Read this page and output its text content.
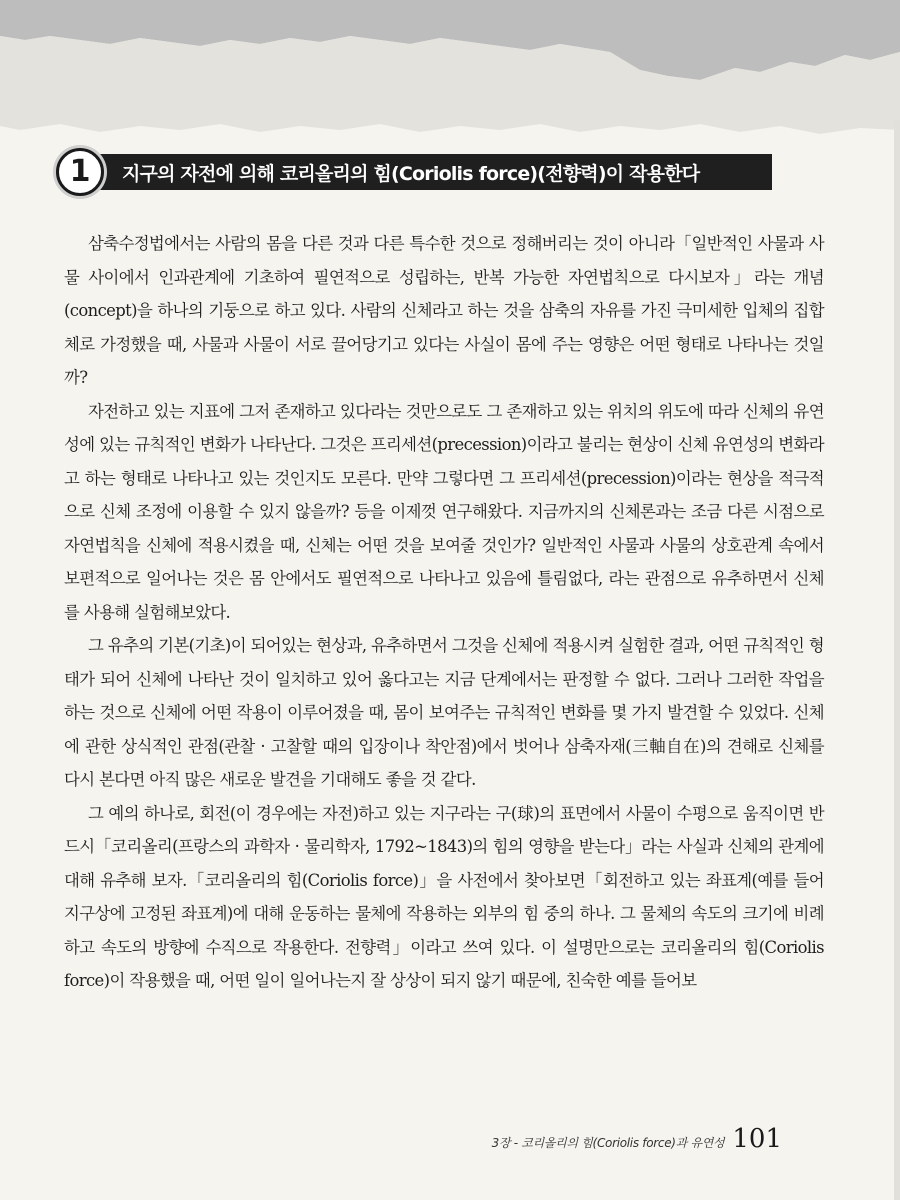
지구의 자전에 의해 코리올리의 힘(Coriolis force)(전향력)이 작용한다
1

삼축수정법에서는 사람의 몸을 다른 것과 다른 특수한 것으로 정해버리는 것이 아니라「일반적인 사물과 사물 사이에서 인과관계에 기초하여 필연적으로 성립하는, 반복 가능한 자연법칙으로 다시보자」라는 개념(concept)을 하나의 기둥으로 하고 있다. 사람의 신체라고 하는 것을 삼축의 자유를 가진 극미세한 입체의 집합체로 가정했을 때, 사물과 사물이 서로 끌어당기고 있다는 사실이 몸에 주는 영향은 어떤 형태로 나타나는 것일까?

자전하고 있는 지표에 그저 존재하고 있다라는 것만으로도 그 존재하고 있는 위치의 위도에 따라 신체의 유연성에 있는 규칙적인 변화가 나타난다. 그것은 프리세션(precession)이라고 불리는 현상이 신체 유연성의 변화라고 하는 형태로 나타나고 있는 것인지도 모른다. 만약 그렇다면 그 프리세션(precession)이라는 현상을 적극적으로 신체 조정에 이용할 수 있지 않을까? 등을 이제껏 연구해왔다. 지금까지의 신체론과는 조금 다른 시점으로 자연법칙을 신체에 적용시켰을 때, 신체는 어떤 것을 보여줄 것인가? 일반적인 사물과 사물의 상호관계 속에서 보편적으로 일어나는 것은 몸 안에서도 필연적으로 나타나고 있음에 틀림없다, 라는 관점으로 유추하면서 신체를 사용해 실험해보았다.

그 유추의 기본(기초)이 되어있는 현상과, 유추하면서 그것을 신체에 적용시켜 실험한 결과, 어떤 규칙적인 형태가 되어 신체에 나타난 것이 일치하고 있어 옳다고는 지금 단계에서는 판정할 수 없다. 그러나 그러한 작업을 하는 것으로 신체에 어떤 작용이 이루어졌을 때, 몸이 보여주는 규칙적인 변화를 몇 가지 발견할 수 있었다. 신체에 관한 상식적인 관점(관찰 · 고찰할 때의 입장이나 착안점)에서 벗어나 삼축자재(三軸自在)의 견해로 신체를 다시 본다면 아직 많은 새로운 발견을 기대해도 좋을 것 같다.

그 예의 하나로, 회전(이 경우에는 자전)하고 있는 지구라는 구(球)의 표면에서 사물이 수평으로 움직이면 반드시「코리올리(프랑스의 과학자 · 물리학자, 1792~1843)의 힘의 영향을 받는다」라는 사실과 신체의 관계에 대해 유추해 보자.「코리올리의 힘(Coriolis force)」을 사전에서 찾아보면「회전하고 있는 좌표계(예를 들어 지구상에 고정된 좌표계)에 대해 운동하는 물체에 작용하는 외부의 힘 중의 하나. 그 물체의 속도의 크기에 비례하고 속도의 방향에 수직으로 작용한다. 전향력」이라고 쓰여 있다. 이 설명만으로는 코리올리의 힘(Coriolis force)이 작용했을 때, 어떤 일이 일어나는지 잘 상상이 되지 않기 때문에, 친숙한 예를 들어보

3장 - 코리올리의 힘(Coriolis force)과 유연성 101
